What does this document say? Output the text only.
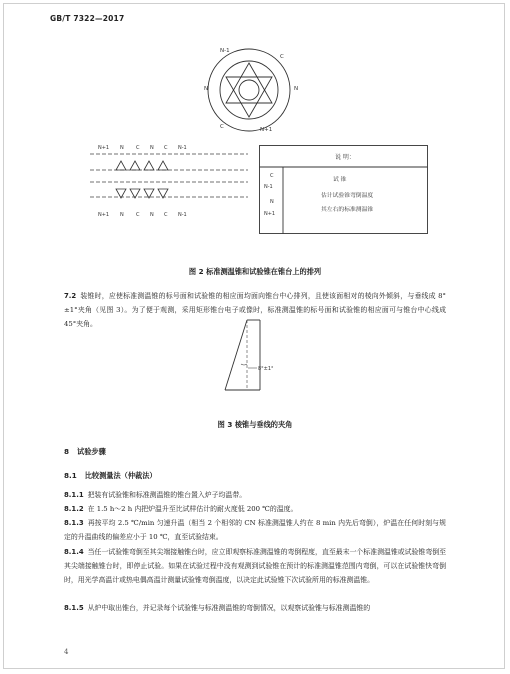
GB/T 7322—2017
N-1
C
N	N
C	N+1
N+1 N C N C N-1
N+1 N C N C N-1
说 明：
C
N-1
N
N+1
试 锥
估计试验锥弯倒温度
其左右的标准测温锥
图 2 标准测温锥和试验锥在锥台上的排列
7.2 装锥时，应使标准测温锥的标号面和试验锥的相应面均面向锥台中心排列，且使该面相对的棱向外倾斜，与垂线成 8°±1°夹角（见图 3）。为了便于观测，采用矩形锥台电子或像时，标准测温锥的标号面和试验锥的相应面可与锥台中心线成 45°夹角。
8°±1°
图 3 棱锥与垂线的夹角
8 试验步骤
8.1 比较测量法（仲裁法）
8.1.1 把装有试验锥和标准测温锥的锥台置入炉子均温带。
8.1.2 在 1.5 h～2 h 内把炉温升至比试样估计的耐火度低 200 ℃的温度。
8.1.3 再按平均 2.5 ℃/min 匀速升温（相当 2 个相邻的 CN 标准测温锥人约在 8 min 内先后弯倒），炉温在任何时刻与规定的升温曲线的偏差应小于 10 ℃，直至试验结束。
8.1.4 当任一试验锥弯倒至其尖端接触锥台时，应立即观察标准测温锥的弯倒程度，直至最末一个标准测温锥或试验锥弯倒至其尖端接触锥台时，即停止试验。如果在试验过程中没有观测到试验锥在预计的标准测温锥范围内弯倒，可以在试验锥快弯倒时，用光学高温计或热电偶高温计测量试验锥弯倒温度，以决定此试验锥下次试验所用的标准测温锥。
8.1.5 从炉中取出锥台，并记录每个试验锥与标准测温锥的弯倒情况，以观察试验锥与标准测温锥的
4
